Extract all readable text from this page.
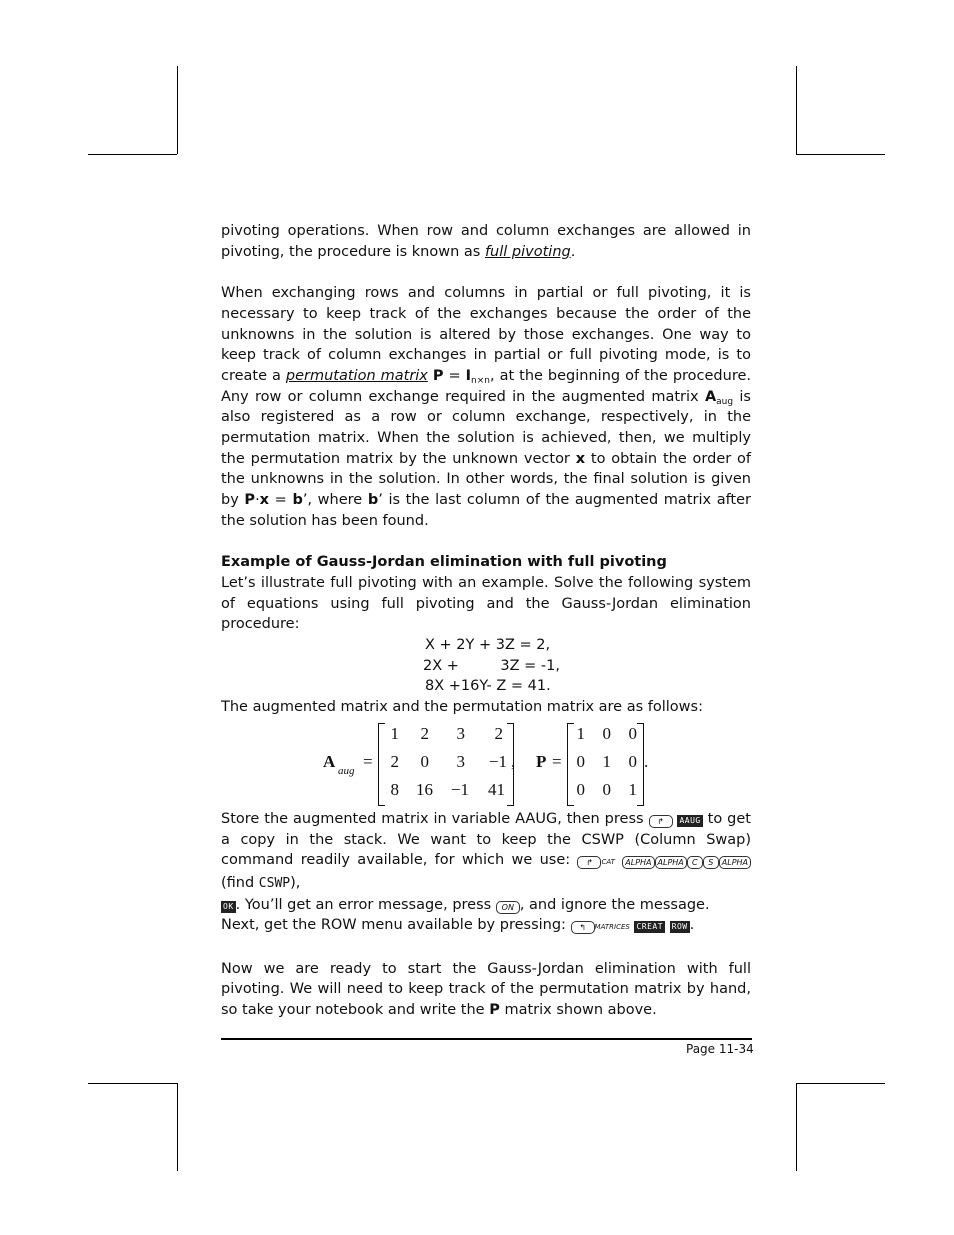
pivoting operations. When row and column exchanges are allowed in pivoting, the procedure is known as full pivoting.

When exchanging rows and columns in partial or full pivoting, it is necessary to keep track of the exchanges because the order of the unknowns in the solution is altered by those exchanges. One way to keep track of column exchanges in partial or full pivoting mode, is to create a permutation matrix $P = I_{n\times n}$, at the beginning of the procedure. Any row or column exchange required in the augmented matrix $A_{aug}$ is also registered as a row or column exchange, respectively, in the permutation matrix. When the solution is achieved, then, we multiply the permutation matrix by the unknown vector x to obtain the order of the unknowns in the solution. In other words, the final solution is given by P·x = b’, where b’ is the last column of the augmented matrix after the solution has been found.

Example of Gauss-Jordan elimination with full pivoting

Let’s illustrate full pivoting with an example. Solve the following system of equations using full pivoting and the Gauss-Jordan elimination procedure:

X + 2Y + 3Z = 2,

2X +         3Z = -1,

8X +16Y- Z = 41.

The augmented matrix and the permutation matrix are as follows:

A aug =
1	2	3	2
2	0	3	−1
8	16	−1	41
, P =
1	0	0
0	1	0
0	0	1
.

Store the augmented matrix in variable AAUG, then press ↱ AAUG to get a copy in the stack. We want to keep the CSWP (Column Swap) command readily available, for which we use: ↱ CAT ALPHA ALPHA C S ALPHA (find CSWP),
OK . You’ll get an error message, press ON , and ignore the message.
Next, get the ROW menu available by pressing: ↰ MATRICES CREAT ROW .

Now we are ready to start the Gauss-Jordan elimination with full pivoting. We will need to keep track of the permutation matrix by hand, so take your notebook and write the P matrix shown above.

Page 11-34
